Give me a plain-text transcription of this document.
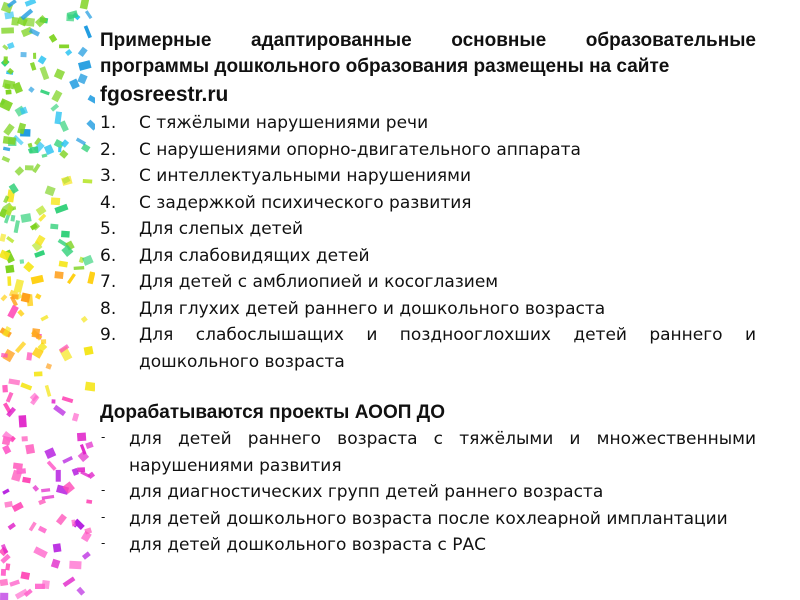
Примерные адаптированные основные образовательные программы дошкольного образования размещены на сайте

fgosreestr.ru

1.	С тяжёлыми нарушениями речи
2.	С нарушениями опорно-двигательного аппарата
3.	С интеллектуальными нарушениями
4.	С задержкой психического развития
5.	Для слепых детей
6.	Для слабовидящих детей
7.	Для детей с амблиопией и косоглазием
8.	Для глухих детей раннего и дошкольного возраста
9.	Для слабослышащих и позднооглохших детей раннего и дошкольного возраста

Дорабатываются проекты АООП ДО

-	для детей раннего возраста с тяжёлыми и множественными нарушениями развития
-	для диагностических групп детей раннего возраста
-	для детей дошкольного возраста после кохлеарной имплантации
-	для детей дошкольного возраста с РАС
